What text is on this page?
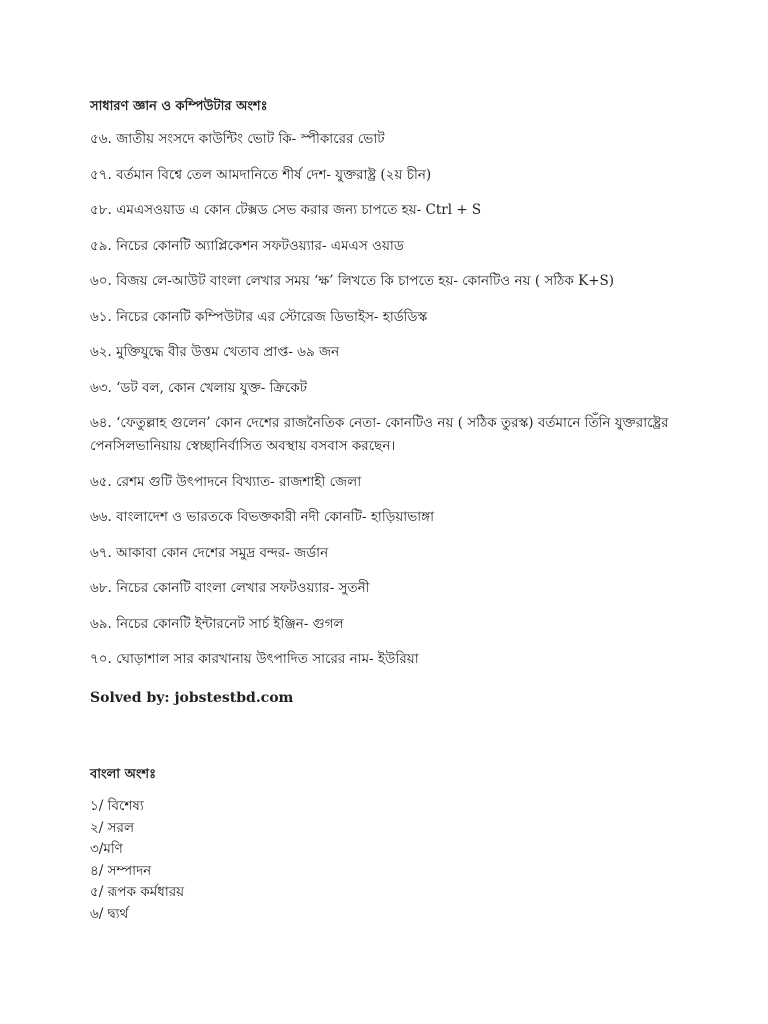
সাধারণ জ্ঞান ও কম্পিউটার অংশঃ
৫৬. জাতীয় সংসদে কাউন্টিং ভোট কি- স্পীকারের ভোট
৫৭. বর্তমান বিশ্বে তেল আমদানিতে শীর্ষ দেশ- যুক্তরাষ্ট্র (২য় চীন)
৫৮. এমএসওয়াড এ কোন টেক্সড সেভ করার জন্য চাপতে হয়- Ctrl + S
৫৯. নিচের কোনটি অ্যাপ্লিকেশন সফটওয়্যার- এমএস ওয়াড
৬০. বিজয় লে-আউট বাংলা লেখার সময় ‘ক্ষ’ লিখতে কি চাপতে হয়- কোনটিও নয় ( সঠিক K+S)
৬১. নিচের কোনটি কম্পিউটার এর স্টোরেজ ডিভাইস- হার্ডডিস্ক
৬২. মুক্তিযুদ্ধে বীর উত্তম খেতাব প্রাপ্ত- ৬৯ জন
৬৩. ‘ডট বল, কোন খেলায় যুক্ত- ক্রিকেট
৬৪. ‘ফেতুল্লাহ গুলেন’ কোন দেশের রাজনৈতিক নেতা- কোনটিও নয় ( সঠিক তুরস্ক) বর্তমানে তিঁনি যুক্তরাষ্ট্রের পেনসিলভানিয়ায় স্বেচ্ছানির্বাসিত অবস্থায় বসবাস করছেন।
৬৫. রেশম গুটি উৎপাদনে বিখ্যাত- রাজশাহী জেলা
৬৬. বাংলাদেশ ও ভারতকে বিভক্তকারী নদী কোনটি- হাড়িয়াভাঙ্গা
৬৭. আকাবা কোন দেশের সমুদ্র বন্দর- জর্ডান
৬৮. নিচের কোনটি বাংলা লেখার সফটওয়্যার- সুতনী
৬৯. নিচের কোনটি ইন্টারনেট সার্চ ইঞ্জিন- গুগল
৭০. ঘোড়াশাল সার কারখানায় উৎপাদিত সারের নাম- ইউরিয়া
Solved by: jobstestbd.com
বাংলা অংশঃ
১/ বিশেষ্য
২/ সরল
৩/মণি
৪/ সম্পাদন
৫/ রূপক কর্মধারয়
৬/ দ্ব্যর্থ
